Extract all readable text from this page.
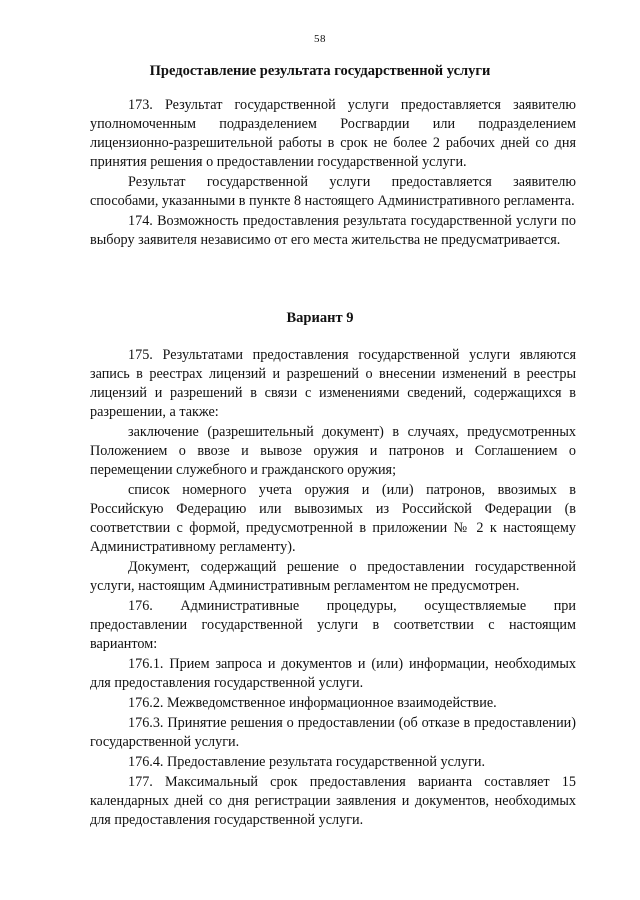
58
Предоставление результата государственной услуги

173. Результат государственной услуги предоставляется заявителю уполномоченным подразделением Росгвардии или подразделением лицензионно-разрешительной работы в срок не более 2 рабочих дней со дня принятия решения о предоставлении государственной услуги.

Результат государственной услуги предоставляется заявителю способами, указанными в пункте 8 настоящего Административного регламента.

174. Возможность предоставления результата государственной услуги по выбору заявителя независимо от его места жительства не предусматривается.

Вариант 9

175. Результатами предоставления государственной услуги являются запись в реестрах лицензий и разрешений о внесении изменений в реестры лицензий и разрешений в связи с изменениями сведений, содержащихся в разрешении, а также:

заключение (разрешительный документ) в случаях, предусмотренных Положением о ввозе и вывозе оружия и патронов и Соглашением о перемещении служебного и гражданского оружия;

список номерного учета оружия и (или) патронов, ввозимых в Российскую Федерацию или вывозимых из Российской Федерации (в соответствии с формой, предусмотренной в приложении № 2 к настоящему Административному регламенту).

Документ, содержащий решение о предоставлении государственной услуги, настоящим Административным регламентом не предусмотрен.

176. Административные процедуры, осуществляемые при предоставлении государственной услуги в соответствии с настоящим вариантом:

176.1. Прием запроса и документов и (или) информации, необходимых для предоставления государственной услуги.

176.2. Межведомственное информационное взаимодействие.

176.3. Принятие решения о предоставлении (об отказе в предоставлении) государственной услуги.

176.4. Предоставление результата государственной услуги.

177. Максимальный срок предоставления варианта составляет 15 календарных дней со дня регистрации заявления и документов, необходимых для предоставления государственной услуги.
